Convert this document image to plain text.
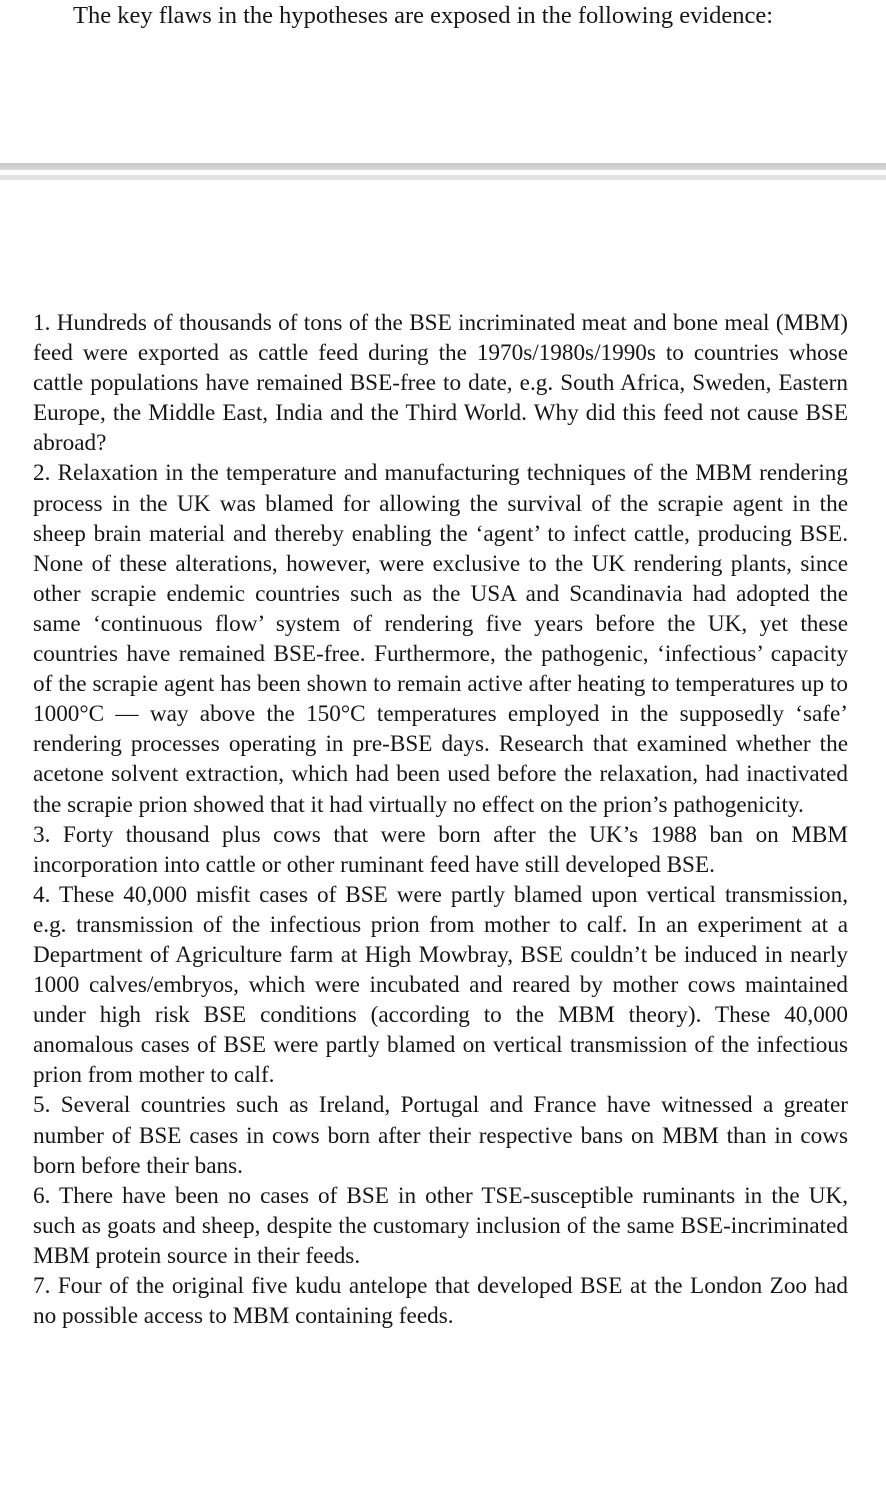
The key flaws in the hypotheses are exposed in the following evidence:
1. Hundreds of thousands of tons of the BSE incriminated meat and bone meal (MBM) feed were exported as cattle feed during the 1970s/1980s/1990s to countries whose cattle populations have remained BSE-free to date, e.g. South Africa, Sweden, Eastern Europe, the Middle East, India and the Third World. Why did this feed not cause BSE abroad?
2. Relaxation in the temperature and manufacturing techniques of the MBM rendering process in the UK was blamed for allowing the survival of the scrapie agent in the sheep brain material and thereby enabling the ‘agent’ to infect cattle, producing BSE. None of these alterations, however, were exclusive to the UK rendering plants, since other scrapie endemic countries such as the USA and Scandinavia had adopted the same ‘continuous flow’ system of rendering five years before the UK, yet these countries have remained BSE-free. Furthermore, the pathogenic, ‘infectious’ capacity of the scrapie agent has been shown to remain active after heating to temperatures up to 1000°C — way above the 150°C temperatures employed in the supposedly ‘safe’ rendering processes operating in pre-BSE days. Research that examined whether the acetone solvent extraction, which had been used before the relaxation, had inactivated the scrapie prion showed that it had virtually no effect on the prion’s pathogenicity.
3. Forty thousand plus cows that were born after the UK’s 1988 ban on MBM incorporation into cattle or other ruminant feed have still developed BSE.
4. These 40,000 misfit cases of BSE were partly blamed upon vertical transmission, e.g. transmission of the infectious prion from mother to calf. In an experiment at a Department of Agriculture farm at High Mowbray, BSE couldn’t be induced in nearly 1000 calves/embryos, which were incubated and reared by mother cows maintained under high risk BSE conditions (according to the MBM theory). These 40,000 anomalous cases of BSE were partly blamed on vertical transmission of the infectious prion from mother to calf.
5. Several countries such as Ireland, Portugal and France have witnessed a greater number of BSE cases in cows born after their respective bans on MBM than in cows born before their bans.
6. There have been no cases of BSE in other TSE-susceptible ruminants in the UK, such as goats and sheep, despite the customary inclusion of the same BSE-incriminated MBM protein source in their feeds.
7. Four of the original five kudu antelope that developed BSE at the London Zoo had no possible access to MBM containing feeds.
